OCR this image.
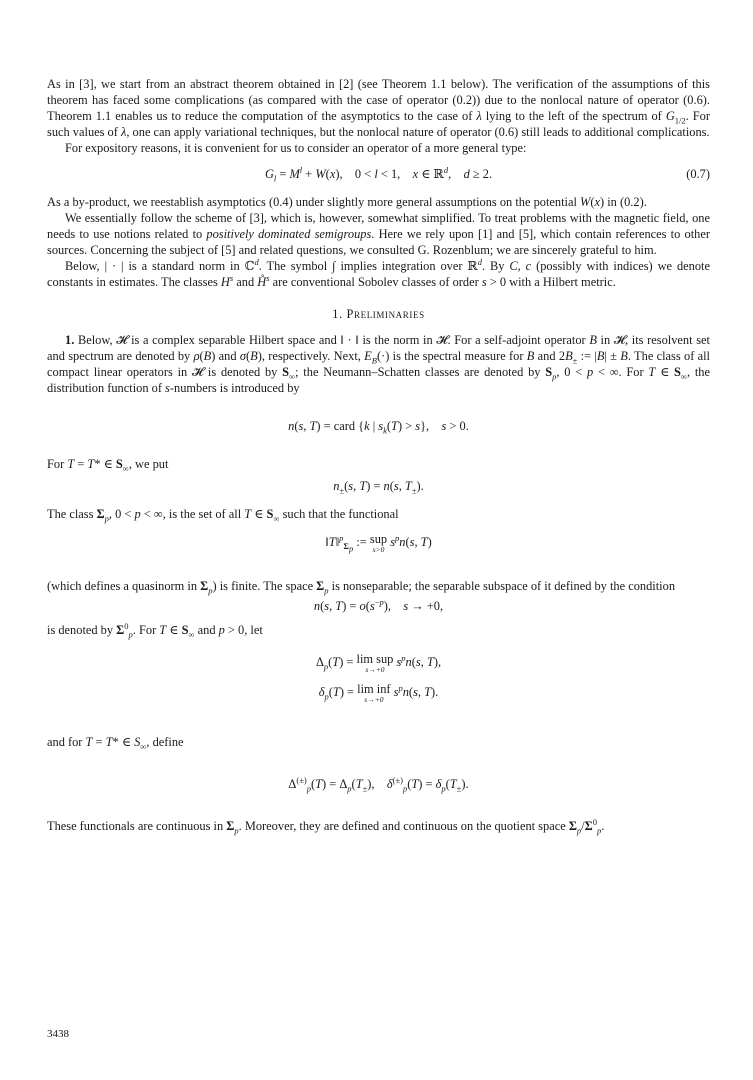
As in [3], we start from an abstract theorem obtained in [2] (see Theorem 1.1 below). The verification of the assumptions of this theorem has faced some complications (as compared with the case of operator (0.2)) due to the nonlocal nature of operator (0.6). Theorem 1.1 enables us to reduce the computation of the asymptotics to the case of λ lying to the left of the spectrum of $G_{1/2}$. For such values of λ, one can apply variational techniques, but the nonlocal nature of operator (0.6) still leads to additional complications.

For expository reasons, it is convenient for us to consider an operator of a more general type:

$G_l = M^l + W(x)$,    0 < l < 1,    x ∈ ℝ$^d$,    d ≥ 2.	(0.7)

As a by-product, we reestablish asymptotics (0.4) under slightly more general assumptions on the potential W(x) in (0.2).

We essentially follow the scheme of [3], which is, however, somewhat simplified. To treat problems with the magnetic field, one needs to use notions related to positively dominated semigroups. Here we rely upon [1] and [5], which contain references to other sources. Concerning the subject of [5] and related questions, we consulted G. Rozenblum; we are sincerely grateful to him.

Below, | · | is a standard norm in ℂ$^d$. The symbol ∫ implies integration over ℝ$^d$. By C, c (possibly with indices) we denote constants in estimates. The classes $H^s$ and H̊$^s$ are conventional Sobolev classes of order s > 0 with a Hilbert metric.

1. Preliminaries

1. Below, 𝓗 is a complex separable Hilbert space and ‖ · ‖ is the norm in 𝓗. For a self-adjoint operator B in 𝓗, its resolvent set and spectrum are denoted by ρ(B) and σ(B), respectively. Next, $E_B(\cdot)$ is the spectral measure for B and $2B_\pm$ := |B| ± B. The class of all compact linear operators in 𝓗 is denoted by $S_\infty$; the Neumann–Schatten classes are denoted by $S_p$, 0 < p < ∞. For T ∈ $S_\infty$, the distribution function of s-numbers is introduced by

n(s, T) = card {k | $s_k(T) > s$},    s > 0.

For T = T* ∈ $S_\infty$, we put

$n_\pm(s$, T) = n(s, $T_\pm$).

The class $\Sigma_p$, 0 < p < ∞, is the set of all T ∈ $S_\infty$ such that the functional

‖T‖$^p_{\Sigma_p}$ := sup
s>0
$s^pn(s$, T)

(which defines a quasinorm in $\Sigma_p$) is finite. The space $\Sigma_p$ is nonseparable; the separable subspace of it defined by the condition

n(s, $T) = o(s^{-p})$,    s → +0,

is denoted by $\Sigma^0_p$. For T ∈ $S_\infty$ and p > 0, let

$\Delta_p(T) = \lim$ sup
s→+0
$s^pn(s$, T),
$\delta_p(T) = \lim$ inf
s→+0
$s^pn(s$, T).

and for T = T* ∈ $S_\infty$, define

$\Delta^{(\pm)}_p(T) = \Delta_p(T_\pm)$,    $\delta^{(\pm)}_p(T) = \delta_p(T_\pm)$.

These functionals are continuous in $\Sigma_p$. Moreover, they are defined and continuous on the quotient space $\Sigma_p/\Sigma^0_p$.

3438
